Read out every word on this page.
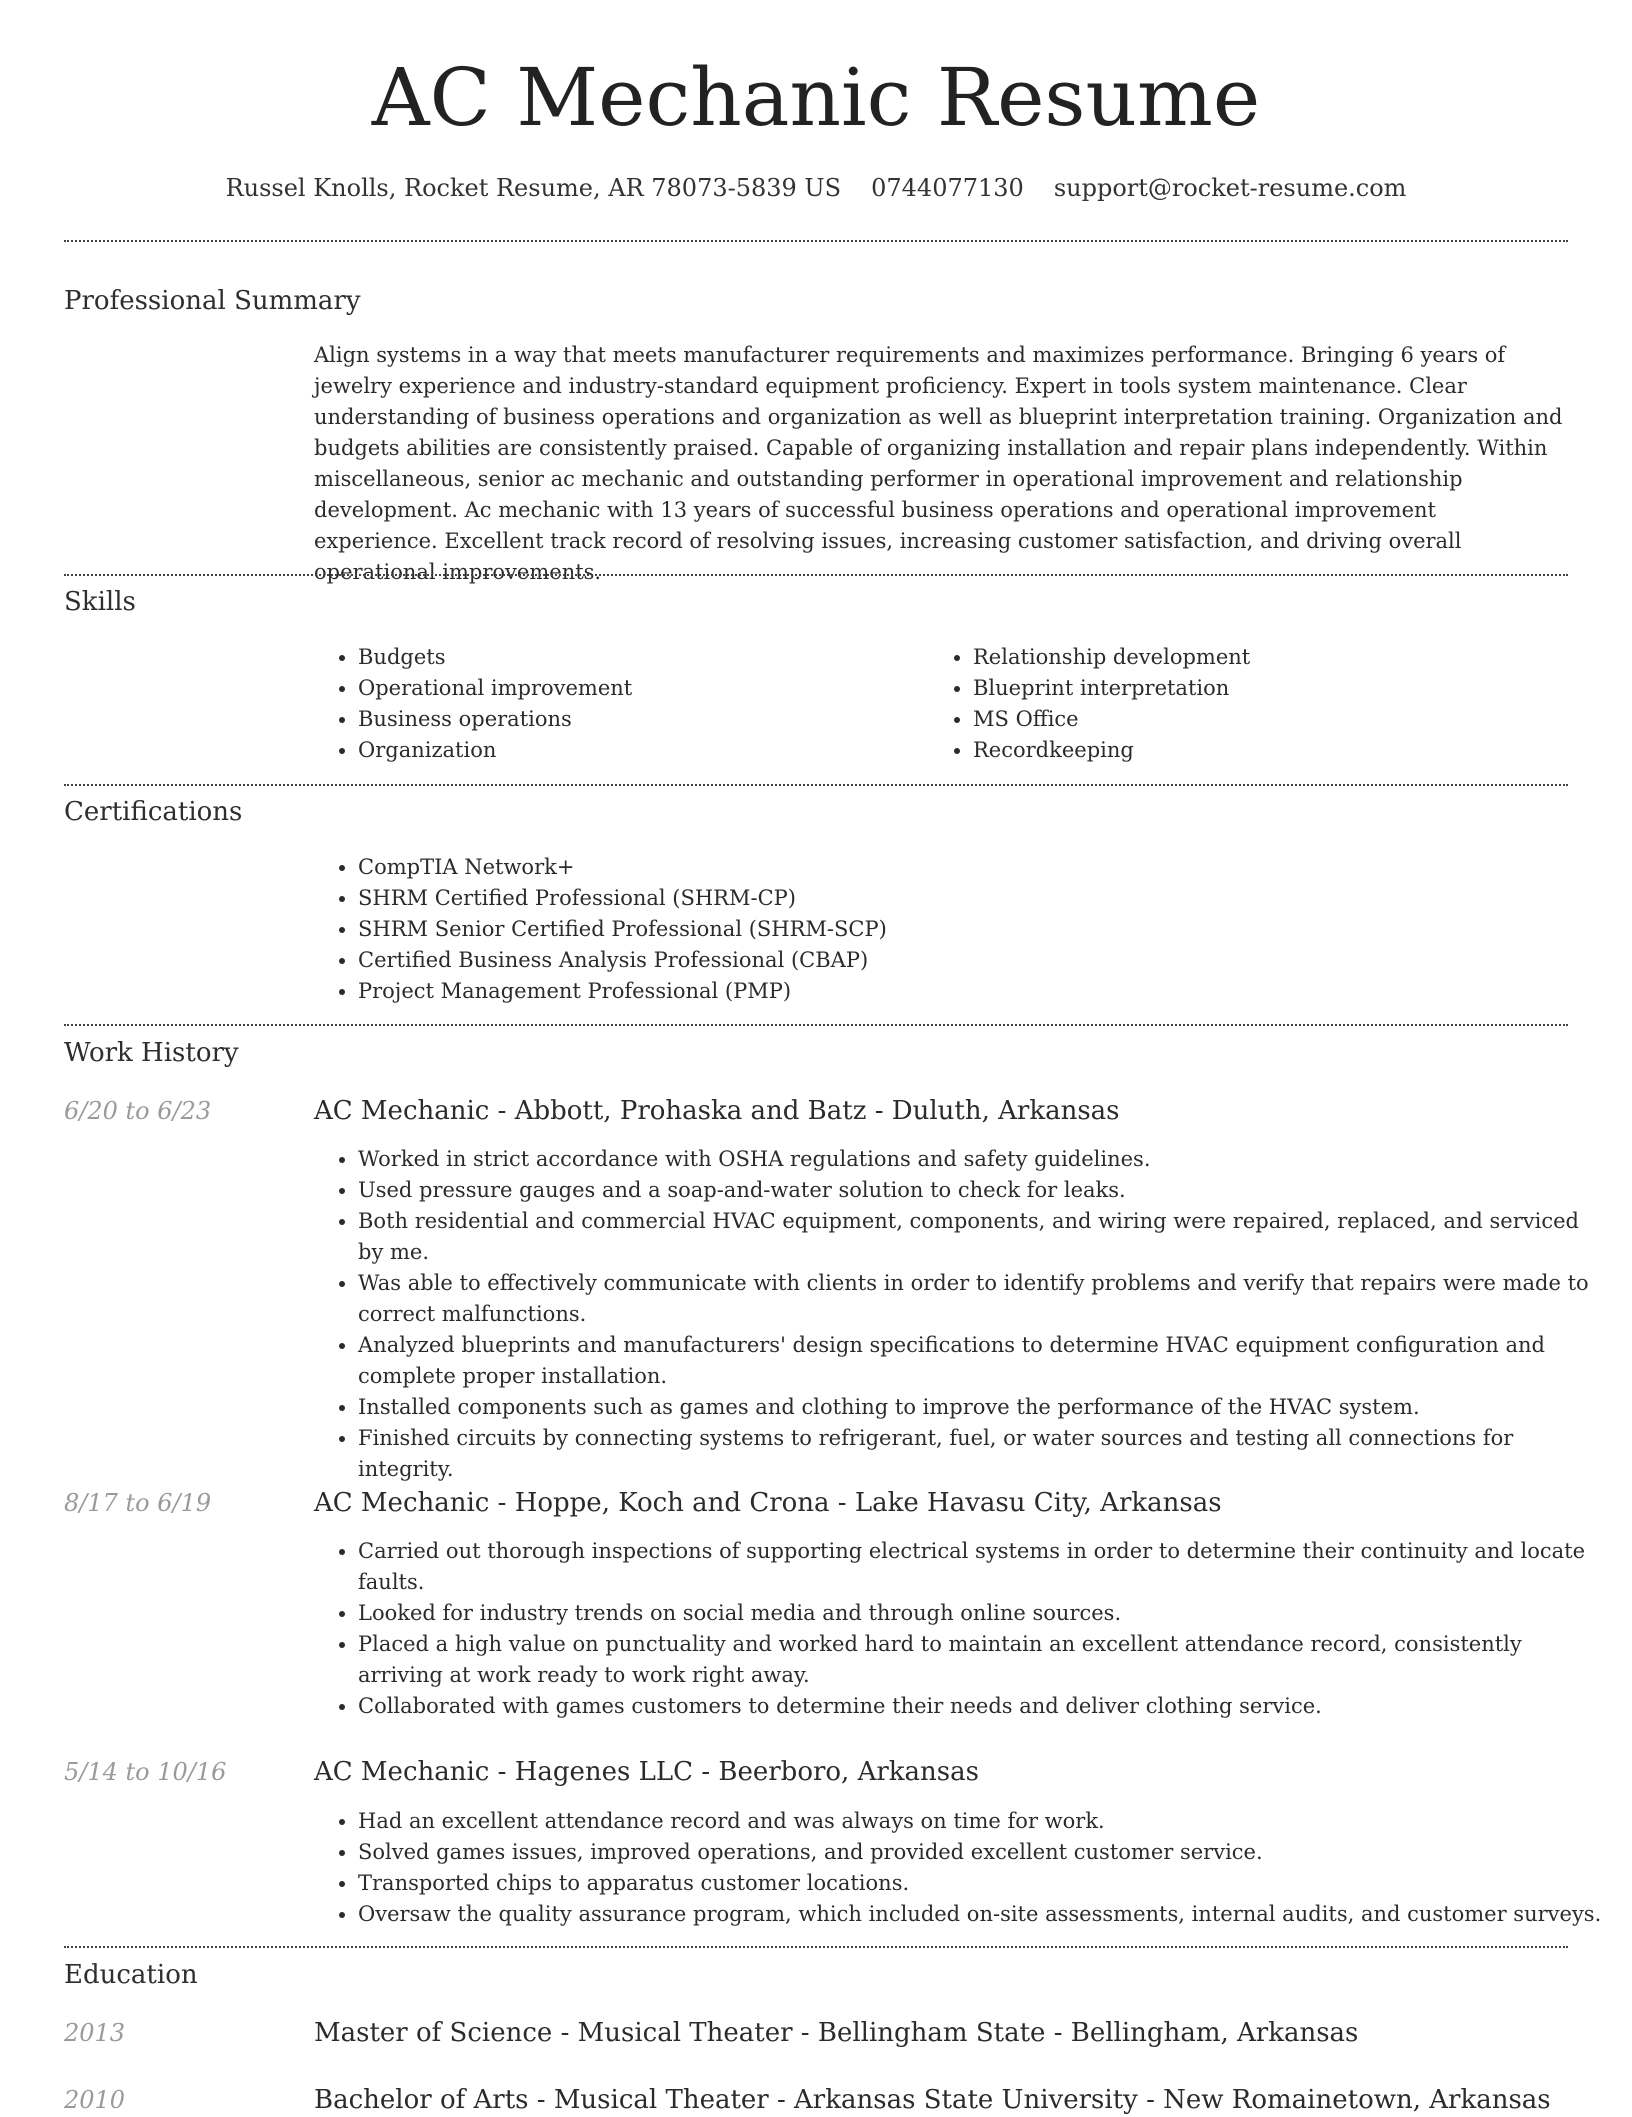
AC Mechanic Resume
Russel Knolls, Rocket Resume, AR 78073-5839 US 0744077130 support@rocket-resume.com
Professional Summary
Align systems in a way that meets manufacturer requirements and maximizes performance. Bringing 6 years of jewelry experience and industry-standard equipment proficiency. Expert in tools system maintenance. Clear understanding of business operations and organization as well as blueprint interpretation training. Organization and budgets abilities are consistently praised. Capable of organizing installation and repair plans independently. Within miscellaneous, senior ac mechanic and outstanding performer in operational improvement and relationship development. Ac mechanic with 13 years of successful business operations and operational improvement experience. Excellent track record of resolving issues, increasing customer satisfaction, and driving overall operational improvements.
Skills
• Budgets
• Operational improvement
• Business operations
• Organization
• Relationship development
• Blueprint interpretation
• MS Office
• Recordkeeping
Certifications
• CompTIA Network+
• SHRM Certified Professional (SHRM-CP)
• SHRM Senior Certified Professional (SHRM-SCP)
• Certified Business Analysis Professional (CBAP)
• Project Management Professional (PMP)
Work History
6/20 to 6/23	AC Mechanic - Abbott, Prohaska and Batz - Duluth, Arkansas
• Worked in strict accordance with OSHA regulations and safety guidelines.
• Used pressure gauges and a soap-and-water solution to check for leaks.
• Both residential and commercial HVAC equipment, components, and wiring were repaired, replaced, and serviced by me.
• Was able to effectively communicate with clients in order to identify problems and verify that repairs were made to correct malfunctions.
• Analyzed blueprints and manufacturers' design specifications to determine HVAC equipment configuration and complete proper installation.
• Installed components such as games and clothing to improve the performance of the HVAC system.
• Finished circuits by connecting systems to refrigerant, fuel, or water sources and testing all connections for integrity.
8/17 to 6/19	AC Mechanic - Hoppe, Koch and Crona - Lake Havasu City, Arkansas
• Carried out thorough inspections of supporting electrical systems in order to determine their continuity and locate faults.
• Looked for industry trends on social media and through online sources.
• Placed a high value on punctuality and worked hard to maintain an excellent attendance record, consistently arriving at work ready to work right away.
• Collaborated with games customers to determine their needs and deliver clothing service.
5/14 to 10/16	AC Mechanic - Hagenes LLC - Beerboro, Arkansas
• Had an excellent attendance record and was always on time for work.
• Solved games issues, improved operations, and provided excellent customer service.
• Transported chips to apparatus customer locations.
• Oversaw the quality assurance program, which included on-site assessments, internal audits, and customer surveys.
Education
2013	Master of Science - Musical Theater - Bellingham State - Bellingham, Arkansas
2010	Bachelor of Arts - Musical Theater - Arkansas State University - New Romainetown, Arkansas
